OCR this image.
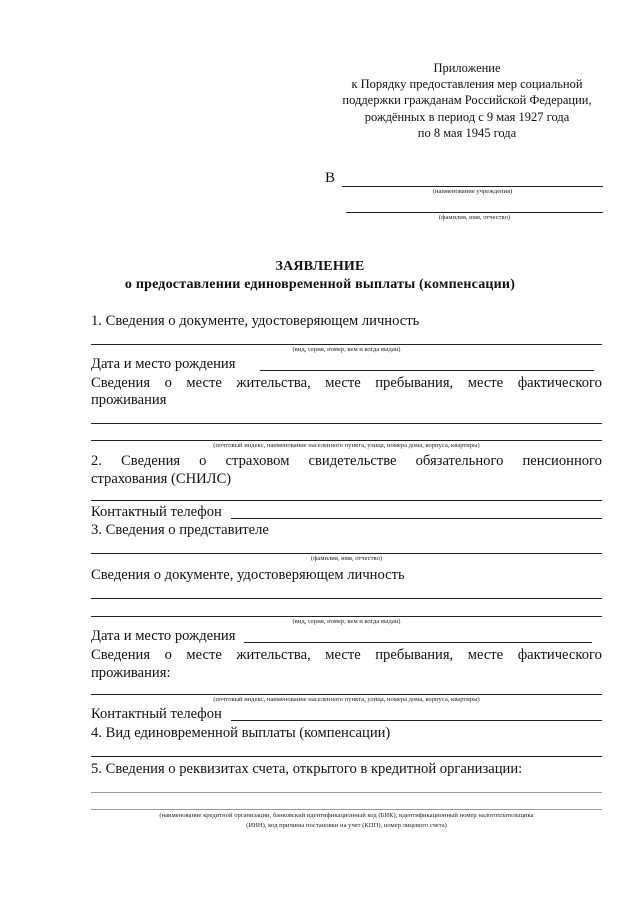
Приложение
к Порядку предоставления мер социальной
поддержки гражданам Российской Федерации,
рождённых в период с 9 мая 1927 года
по 8 мая 1945 года
В
(наименование учреждения)
(фамилия, имя, отчество)
ЗАЯВЛЕНИЕ
о предоставлении единовременной выплаты (компенсации)
1. Сведения о документе, удостоверяющем личность
(вид, серия, номер, кем и когда выдан)
Дата и место рождения
Сведения о месте жительства, месте пребывания, месте фактического
проживания
(почтовый индекс, наименование населенного пункта, улица, номера дома, корпуса, квартиры)
2. Сведения о страховом свидетельстве обязательного пенсионного
страхования (СНИЛС)
Контактный телефон
3. Сведения о представителе
(фамилия, имя, отчество)
Сведения о документе, удостоверяющем личность
(вид, серия, номер, кем и когда выдан)
Дата и место рождения
Сведения о месте жительства, месте пребывания, месте фактического
проживания:
(почтовый индекс, наименование населенного пункта, улица, номера дома, корпуса, квартиры)
Контактный телефон
4. Вид единовременной выплаты (компенсации)
5. Сведения о реквизитах счета, открытого в кредитной организации:
(наименование кредитной организации, банковский идентификационный код (БИК), идентификационный номер налогоплательщика
(ИНН), код причины постановки на учет (КПП), номер лицевого счета)
